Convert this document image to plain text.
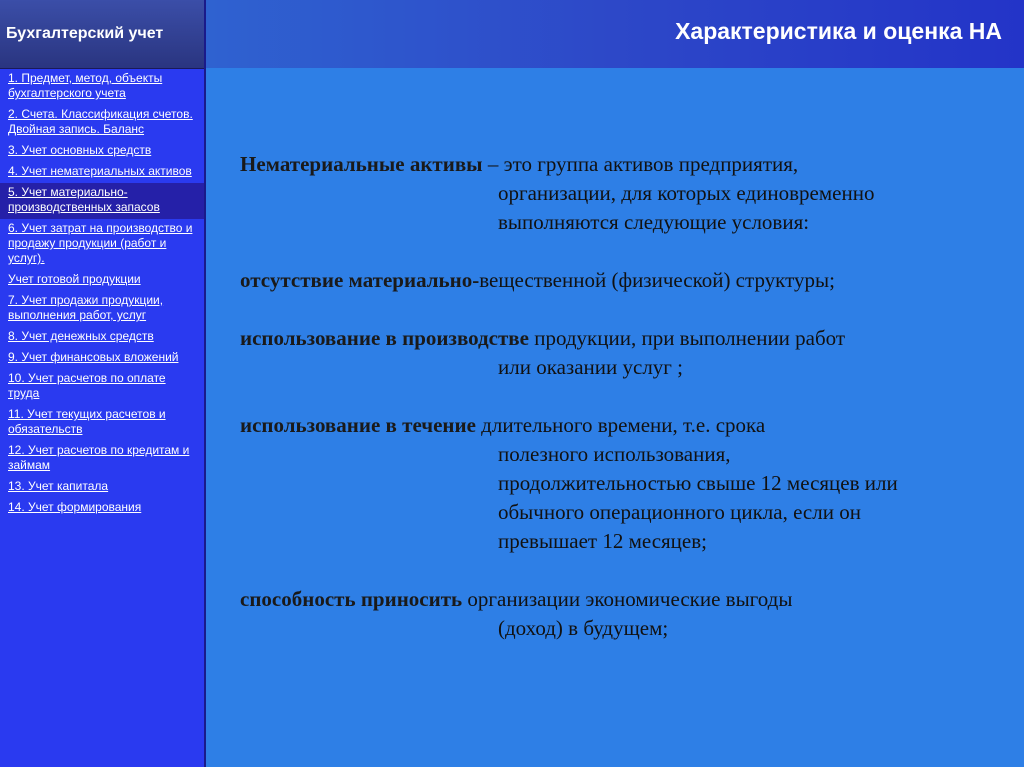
Бухгалтерский учет
1. Предмет, метод, объекты бухгалтерского учета
2. Счета. Классификация счетов. Двойная запись. Баланс
3. Учет основных средств
4. Учет нематериальных активов
5. Учет материально-производственных запасов
6. Учет затрат на производство и продажу продукции (работ и услуг).
Учет готовой продукции
7. Учет продажи продукции, выполнения работ, услуг
8. Учет денежных средств
9. Учет финансовых вложений
10. Учет расчетов по оплате труда
11. Учет текущих расчетов и обязательств
12. Учет расчетов по кредитам и займам
13. Учет капитала
14. Учет формирования
Характеристика и оценка НА

Нематериальные активы – это группа активов предприятия,
организации, для которых единовременно
выполняются следующие условия:

отсутствие материально-вещественной (физической) структуры;

использование в производстве продукции, при выполнении работ
или оказании услуг ;

использование в течение длительного времени, т.е. срока
полезного использования,
продолжительностью свыше 12 месяцев или
обычного операционного цикла, если он
превышает 12 месяцев;

способность приносить организации экономические выгоды
(доход) в будущем;
